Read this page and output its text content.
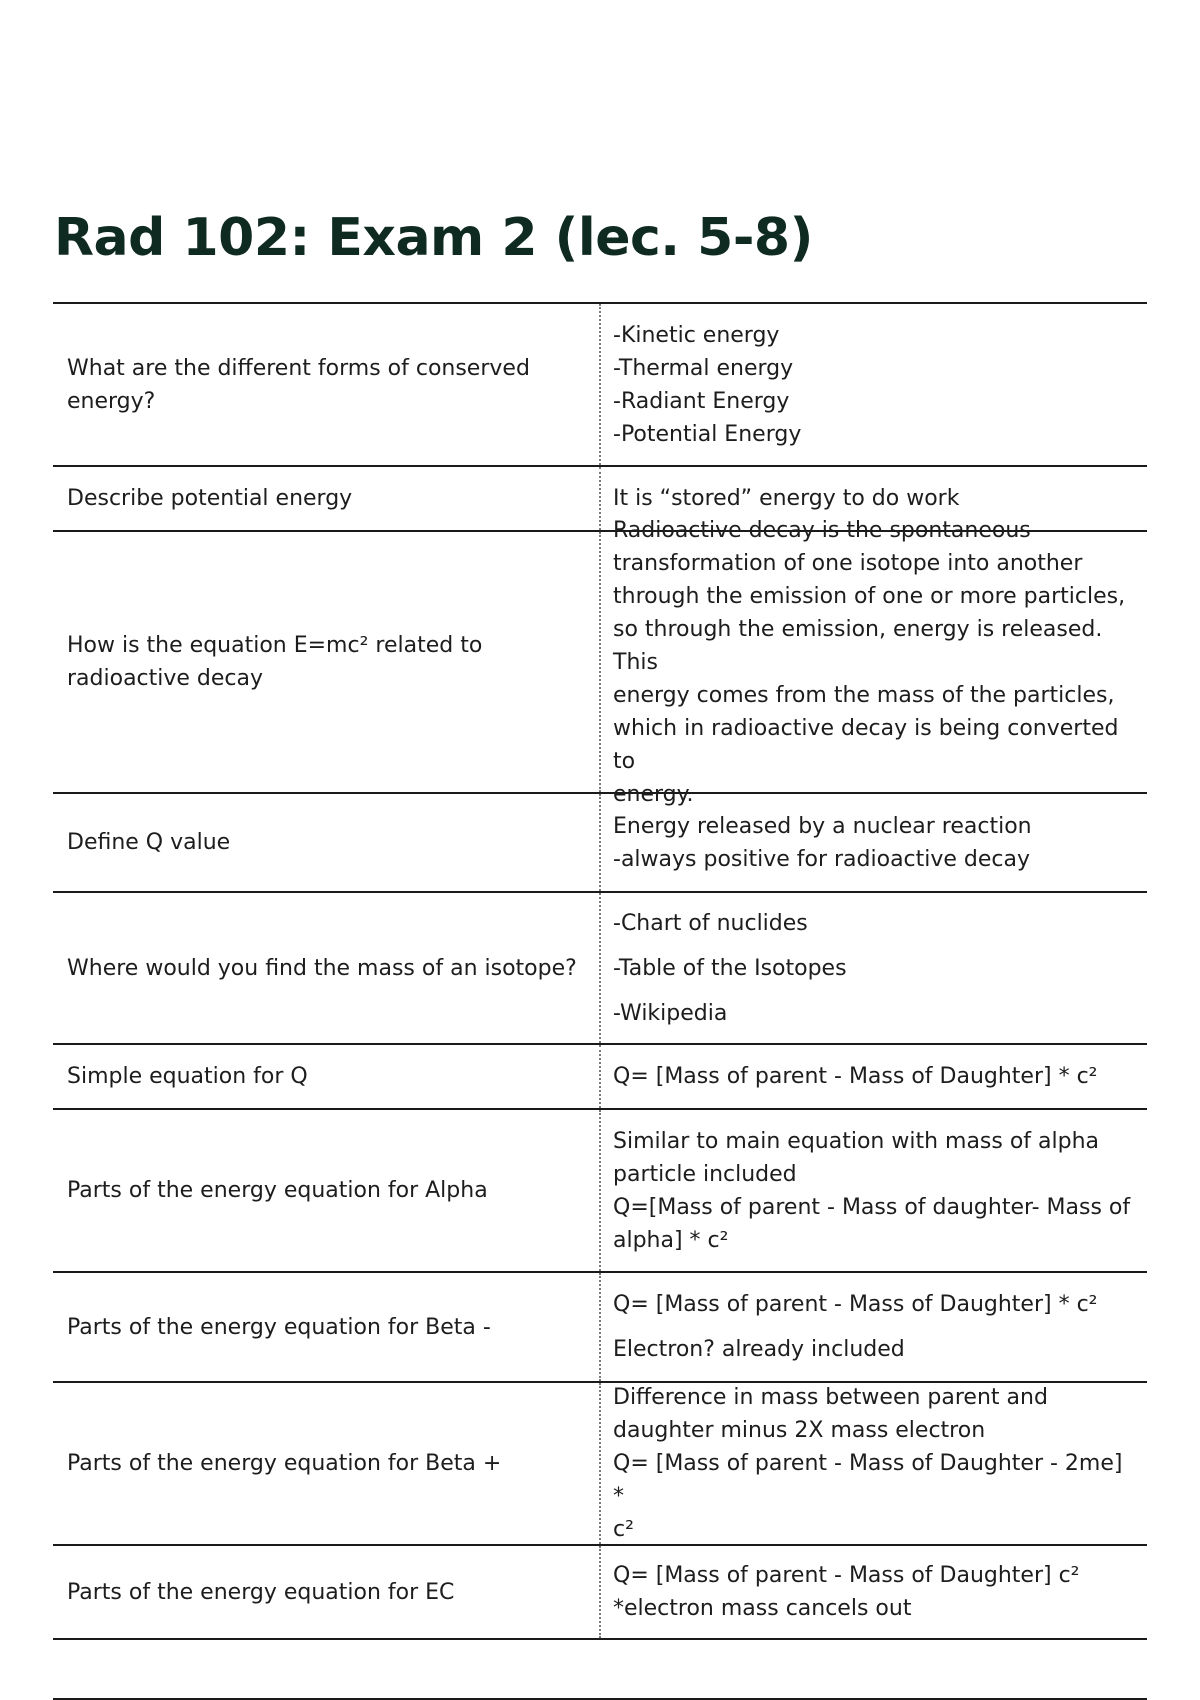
Rad 102: Exam 2 (lec. 5-8)
What are the different forms of conserved
energy?
-Kinetic energy
-Thermal energy
-Radiant Energy
-Potential Energy
Describe potential energy	It is “stored” energy to do work
How is the equation E=mc² related to
radioactive decay
Radioactive decay is the spontaneous
transformation of one isotope into another
through the emission of one or more particles,
so through the emission, energy is released. This
energy comes from the mass of the particles,
which in radioactive decay is being converted to
energy.
Define Q value
Energy released by a nuclear reaction
-always positive for radioactive decay
Where would you find the mass of an isotope?
-Chart of nuclides
-Table of the Isotopes
-Wikipedia
Simple equation for Q	Q= [Mass of parent - Mass of Daughter] * c²
Parts of the energy equation for Alpha
Similar to main equation with mass of alpha
particle included
Q=[Mass of parent - Mass of daughter- Mass of
alpha] * c²
Parts of the energy equation for Beta -
Q= [Mass of parent - Mass of Daughter] * c²
Electron? already included
Parts of the energy equation for Beta +
Difference in mass between parent and
daughter minus 2X mass electron
Q= [Mass of parent - Mass of Daughter - 2me] *
c²
Parts of the energy equation for EC
Q= [Mass of parent - Mass of Daughter] c²
*electron mass cancels out
